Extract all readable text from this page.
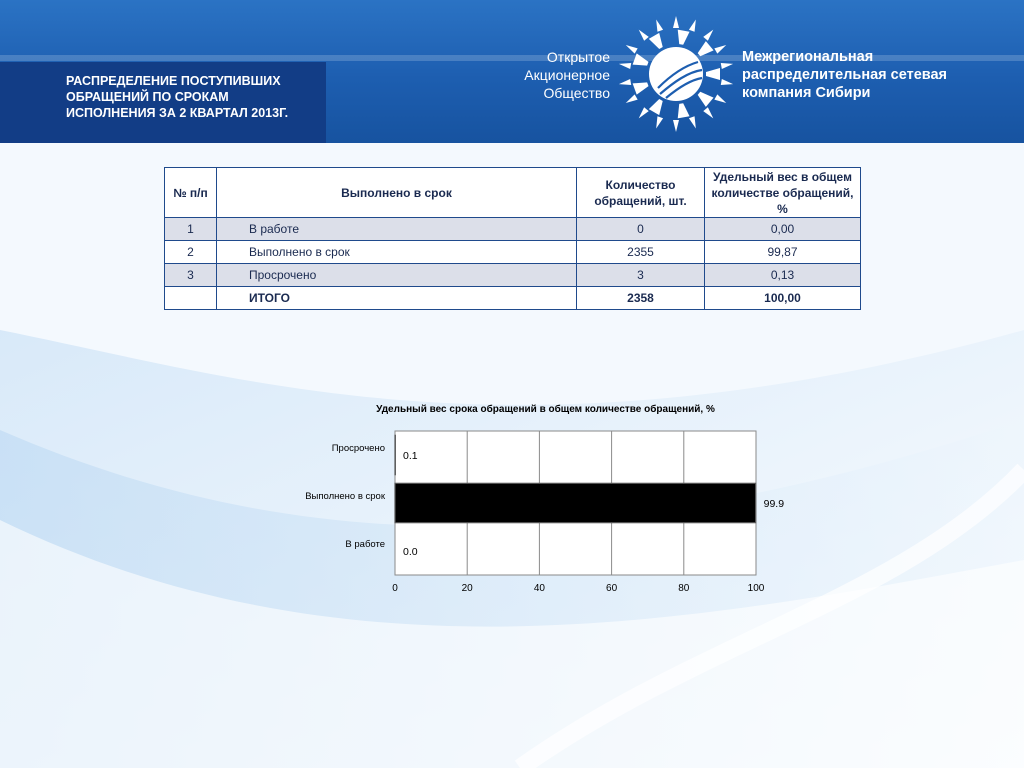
РАСПРЕДЕЛЕНИЕ ПОСТУПИВШИХ ОБРАЩЕНИЙ ПО СРОКАМ ИСПОЛНЕНИЯ ЗА 2 КВАРТАЛ 2013Г.
Открытое
Акционерное
Общество
Межрегиональная
распределительная сетевая
компания Сибири
№ п/п	Выполнено в срок	Количество обращений, шт.	Удельный вес в общем количестве обращений, %
1	В работе	0	0,00
2	Выполнено в срок	2355	99,87
3	Просрочено	3	0,13
	ИТОГО	2358	100,00
Удельный вес срока обращений в общем количестве обращений, %
0	20	40	60	80	100
Просрочено
0.1
Выполнено в срок
99.9
В работе
0.0
